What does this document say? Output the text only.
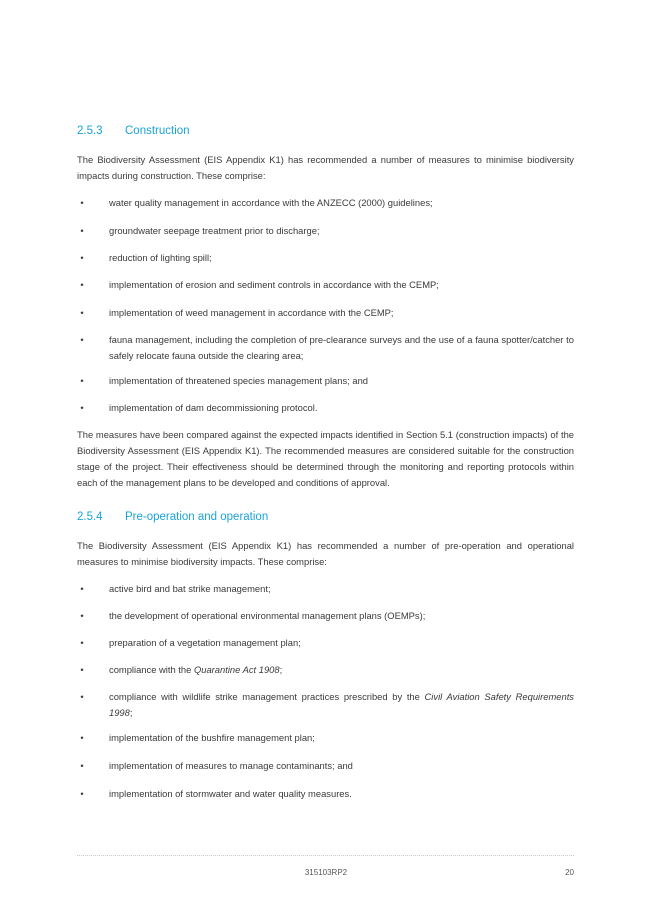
2.5.3 Construction

The Biodiversity Assessment (EIS Appendix K1) has recommended a number of measures to minimise biodiversity impacts during construction. These comprise:

•	water quality management in accordance with the ANZECC (2000) guidelines;
•	groundwater seepage treatment prior to discharge;
•	reduction of lighting spill;
•	implementation of erosion and sediment controls in accordance with the CEMP;
•	implementation of weed management in accordance with the CEMP;
•	fauna management, including the completion of pre-clearance surveys and the use of a fauna spotter/catcher to safely relocate fauna outside the clearing area;
•	implementation of threatened species management plans; and
•	implementation of dam decommissioning protocol.

The measures have been compared against the expected impacts identified in Section 5.1 (construction impacts) of the Biodiversity Assessment (EIS Appendix K1). The recommended measures are considered suitable for the construction stage of the project. Their effectiveness should be determined through the monitoring and reporting protocols within each of the management plans to be developed and conditions of approval.

2.5.4 Pre-operation and operation

The Biodiversity Assessment (EIS Appendix K1) has recommended a number of pre-operation and operational measures to minimise biodiversity impacts. These comprise:

•	active bird and bat strike management;
•	the development of operational environmental management plans (OEMPs);
•	preparation of a vegetation management plan;
•	compliance with the Quarantine Act 1908;
•	compliance with wildlife strike management practices prescribed by the Civil Aviation Safety Requirements 1998;
•	implementation of the bushfire management plan;
•	implementation of measures to manage contaminants; and
•	implementation of stormwater and water quality measures.
315103RP2	20
